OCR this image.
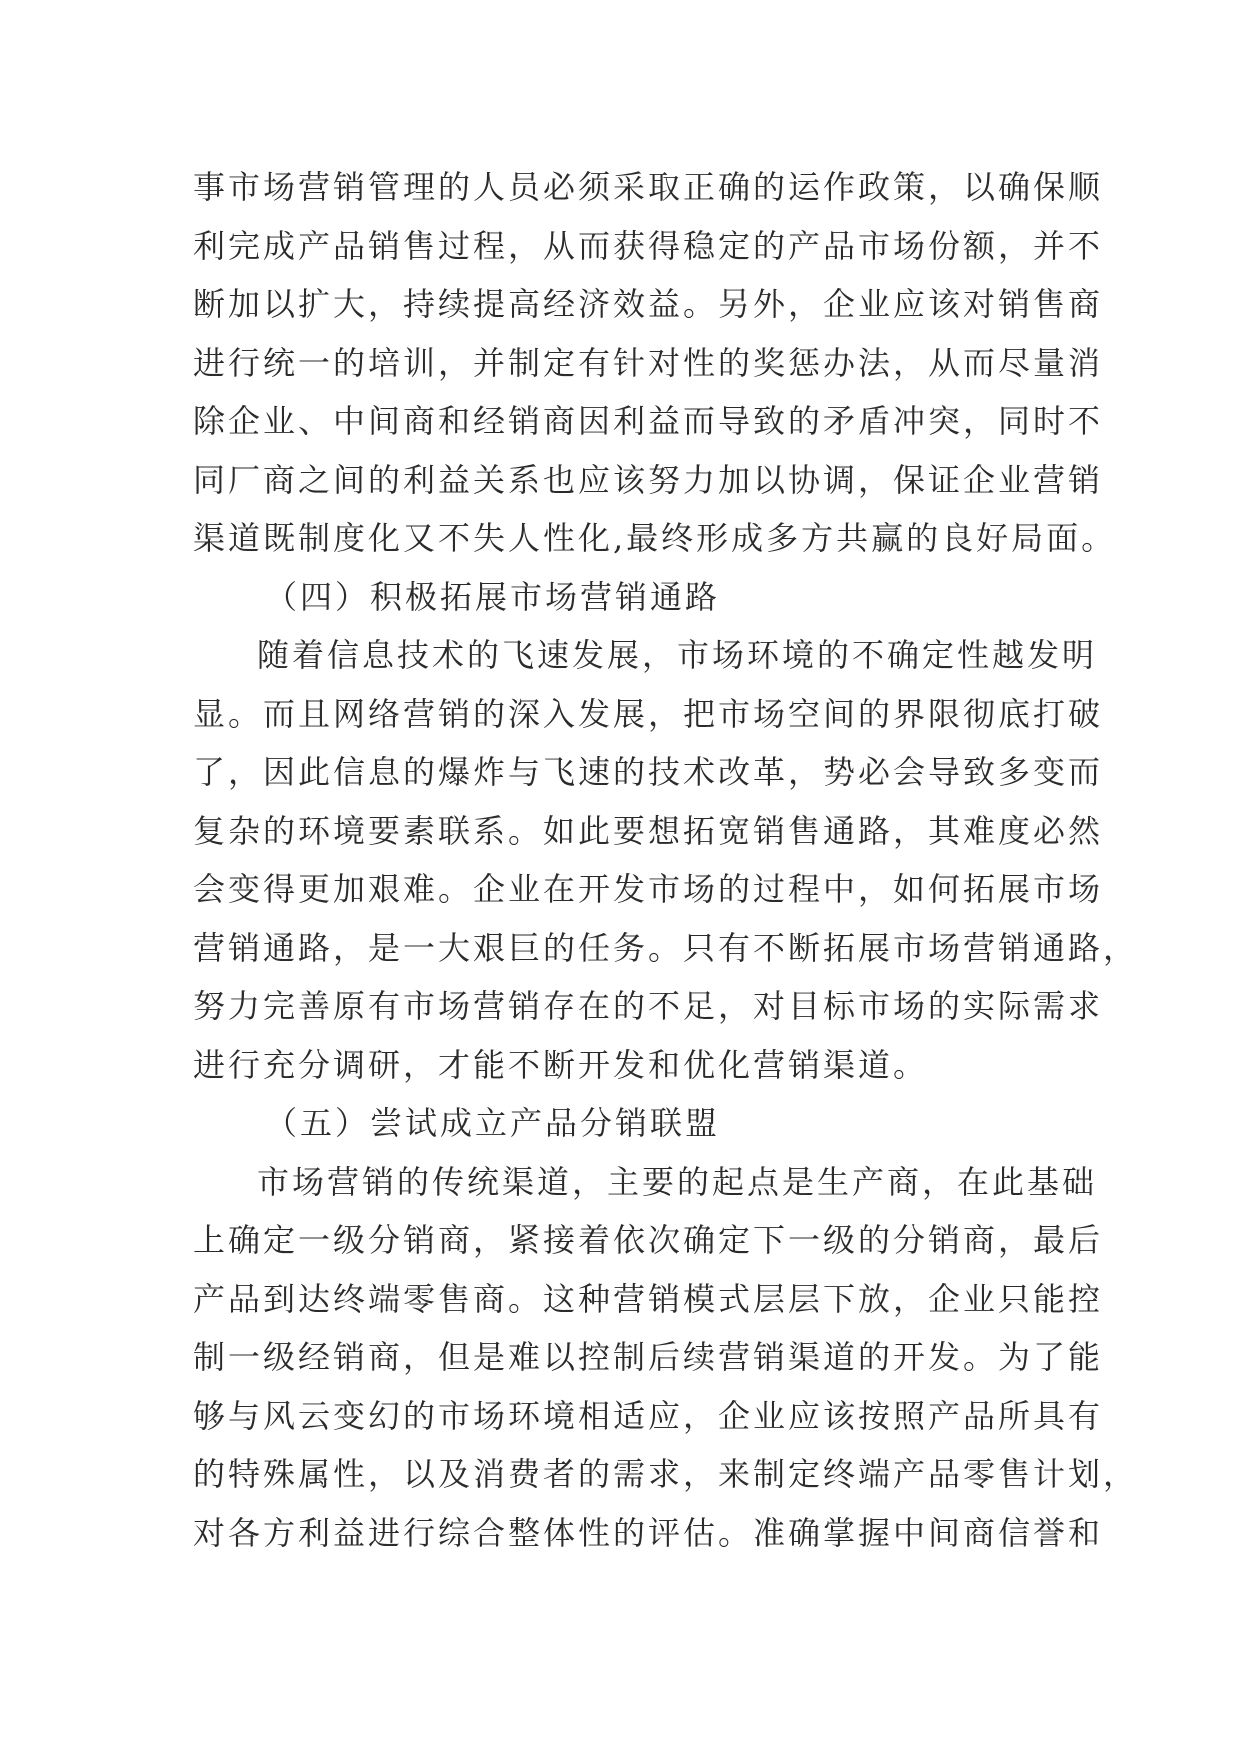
事市场营销管理的人员必须采取正确的运作政策，以确保顺
利完成产品销售过程，从而获得稳定的产品市场份额，并不
断加以扩大，持续提高经济效益。另外，企业应该对销售商
进行统一的培训，并制定有针对性的奖惩办法，从而尽量消
除企业、中间商和经销商因利益而导致的矛盾冲突，同时不
同厂商之间的利益关系也应该努力加以协调，保证企业营销
渠道既制度化又不失人性化,最终形成多方共赢的良好局面。
（四）积极拓展市场营销通路
随着信息技术的飞速发展，市场环境的不确定性越发明
显。而且网络营销的深入发展，把市场空间的界限彻底打破
了，因此信息的爆炸与飞速的技术改革，势必会导致多变而
复杂的环境要素联系。如此要想拓宽销售通路，其难度必然
会变得更加艰难。企业在开发市场的过程中，如何拓展市场
营销通路，是一大艰巨的任务。只有不断拓展市场营销通路，
努力完善原有市场营销存在的不足，对目标市场的实际需求
进行充分调研，才能不断开发和优化营销渠道。
（五）尝试成立产品分销联盟
市场营销的传统渠道，主要的起点是生产商，在此基础
上确定一级分销商，紧接着依次确定下一级的分销商，最后
产品到达终端零售商。这种营销模式层层下放，企业只能控
制一级经销商，但是难以控制后续营销渠道的开发。为了能
够与风云变幻的市场环境相适应，企业应该按照产品所具有
的特殊属性，以及消费者的需求，来制定终端产品零售计划，
对各方利益进行综合整体性的评估。准确掌握中间商信誉和
